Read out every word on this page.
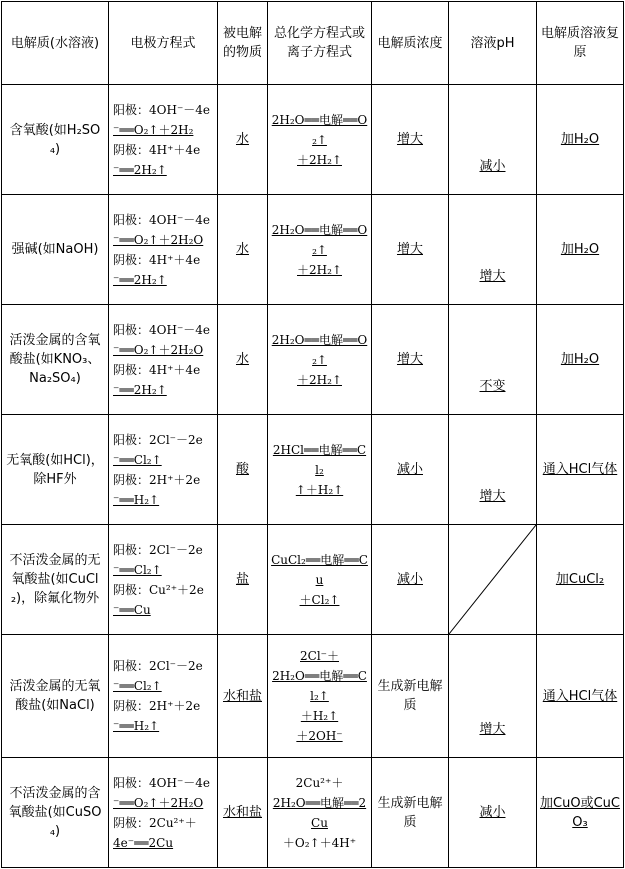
电解质(水溶液)	电极方程式	被电解的物质	总化学方程式或离子方程式	电解质浓度	溶液pH	电解质溶液复原
含氧酸(如H₂SO₄)	阳极：4OH⁻－4e
⁻══O₂↑＋2H₂
阴极：4H⁺＋4e
⁻══2H₂↑	水	2H₂O══电解══O₂↑
＋2H₂↑	增大	减小	加H₂O
强碱(如NaOH)	阳极：4OH⁻－4e
⁻══O₂↑＋2H₂O
阴极：4H⁺＋4e
⁻══2H₂↑	水	2H₂O══电解══O₂↑
＋2H₂↑	增大	增大	加H₂O
活泼金属的含氧酸盐(如KNO₃、Na₂SO₄)	阳极：4OH⁻－4e
⁻══O₂↑＋2H₂O
阴极：4H⁺＋4e
⁻══2H₂↑	水	2H₂O══电解══O₂↑
＋2H₂↑	增大	不变	加H₂O
无氧酸(如HCl)，除HF外	阳极：2Cl⁻－2e
⁻══Cl₂↑
阴极：2H⁺＋2e
⁻══H₂↑	酸	2HCl══电解══Cl₂
↑＋H₂↑	减小	增大	通入HCl气体
不活泼金属的无氧酸盐(如CuCl₂)，除氟化物外	阳极：2Cl⁻－2e
⁻══Cl₂↑
阴极：Cu²⁺＋2e
⁻══Cu	盐	CuCl₂══电解══Cu
＋Cl₂↑	减小		加CuCl₂
活泼金属的无氧酸盐(如NaCl)	阳极：2Cl⁻－2e
⁻══Cl₂↑
阴极：2H⁺＋2e
⁻══H₂↑	水和盐	2Cl⁻＋
2H₂O══电解══Cl₂↑
＋H₂↑
＋2OH⁻	生成新电解质	增大	通入HCl气体
不活泼金属的含氧酸盐(如CuSO₄)	阳极：4OH⁻－4e
⁻══O₂↑＋2H₂O
阴极：2Cu²⁺＋
4e⁻══2Cu	水和盐	2Cu²⁺＋
2H₂O══电解══2Cu
＋O₂↑＋4H⁺	生成新电解质	减小	加CuO或CuCO₃
